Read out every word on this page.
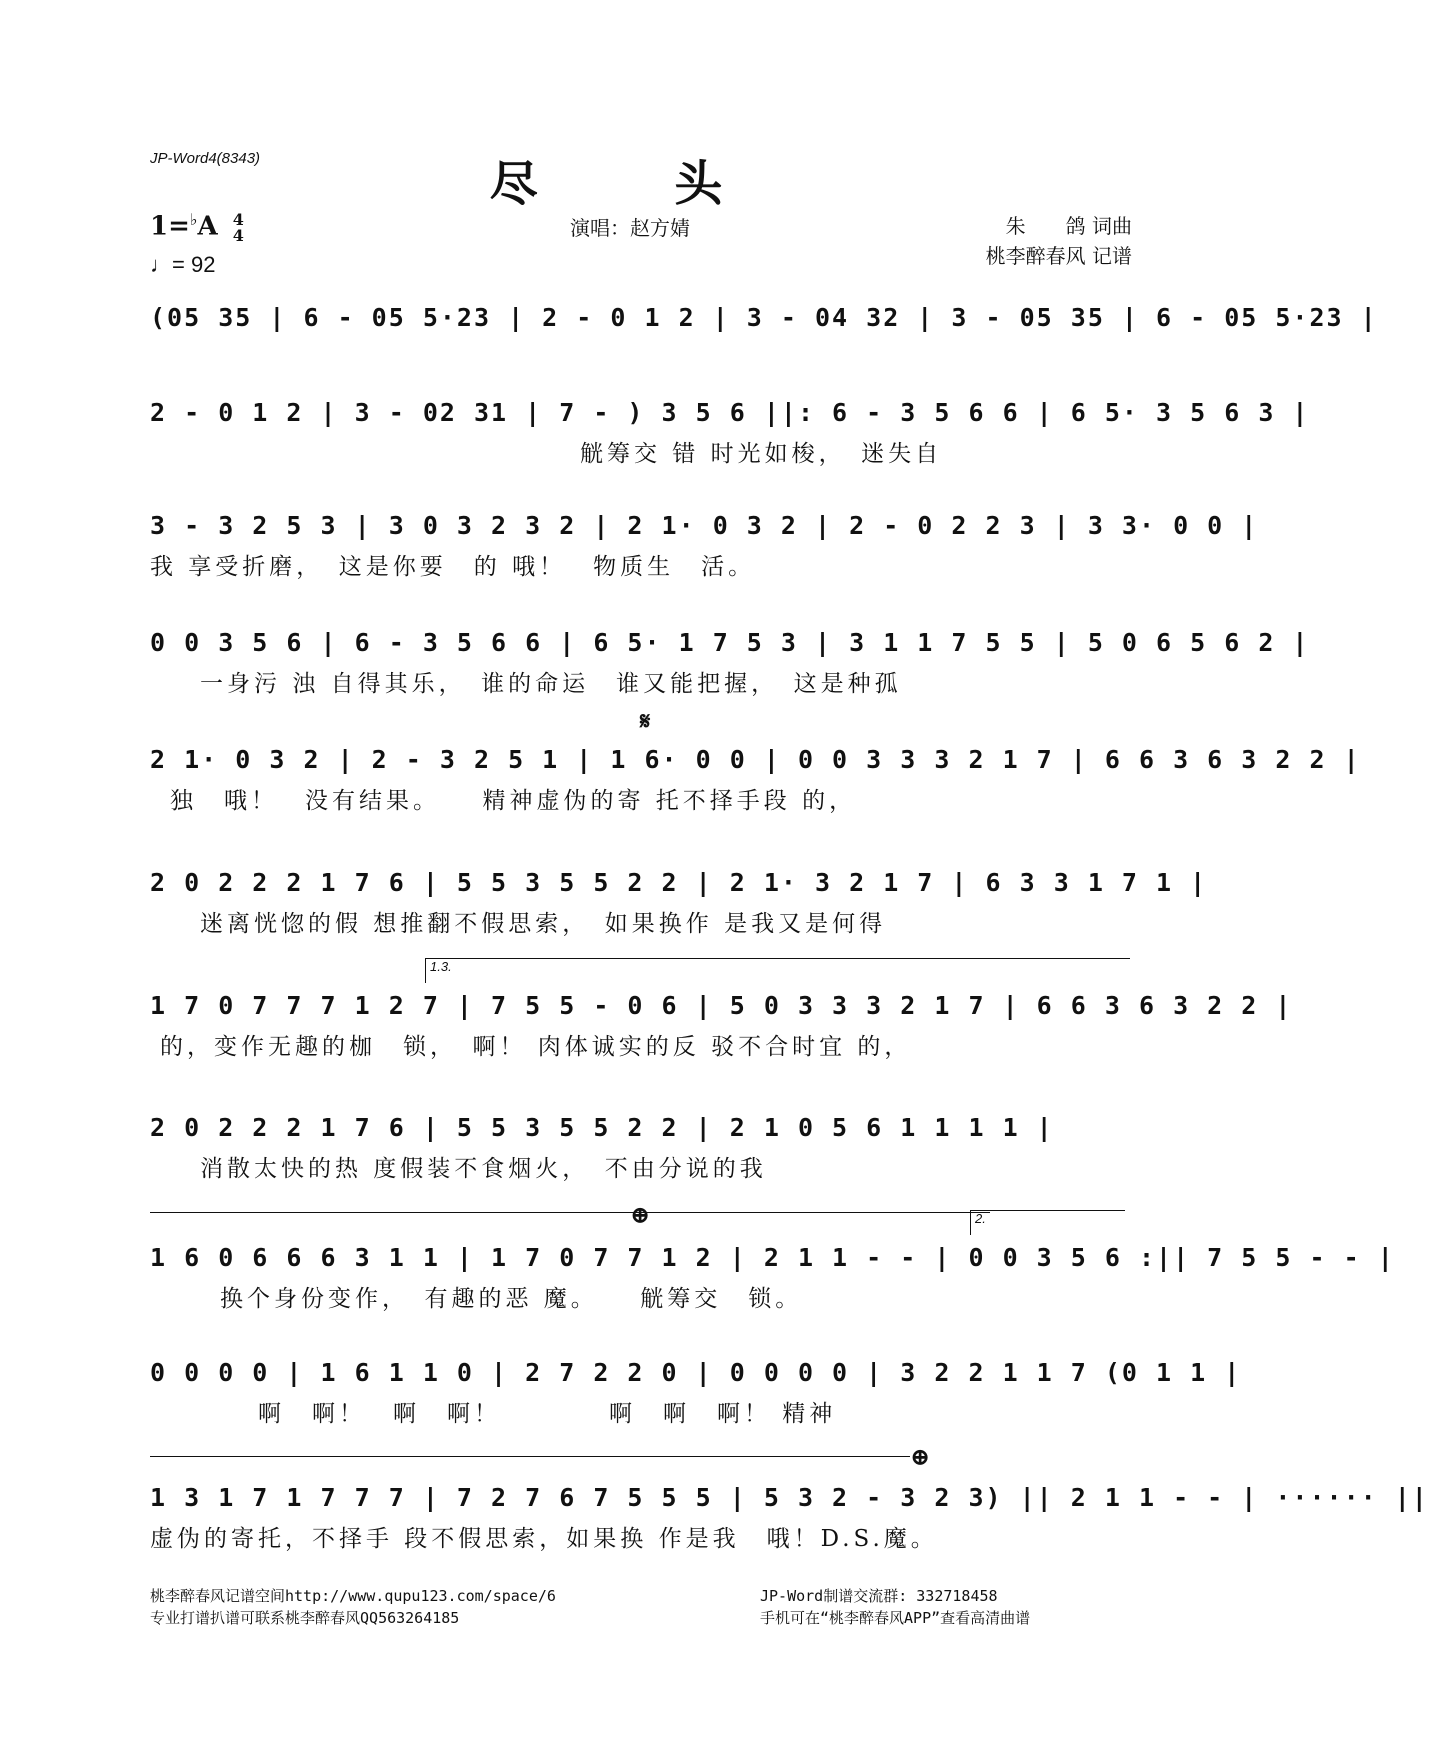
JP-Word4(8343)	尽 头
1=♭A 4
4
♩= 92
演唱：赵方婧	朱　　鸽 词曲
桃李醉春风 记谱
(05 35 | 6 - 05 5·23 | 2 - 0 1 2 | 3 - 04 32 | 3 - 05 35 | 6 - 05 5·23 |
2 - 0 1 2 | 3 - 02 31 | 7 - ) 3 5 6 ||: 6 - 3 5 6 6 | 6 5· 3 5 6 3 |
觥筹交 错 时光如梭，　迷失自
3 - 3 2 5 3 | 3 0 3 2 3 2 | 2 1· 0 3 2 | 2 - 0 2 2 3 | 3 3· 0 0 |
我 享受折磨，　这是你要　的 哦！　物质生　活。
0 0 3 5 6 | 6 - 3 5 6 6 | 6 5· 1 7 5 3 | 3 1 1 7 5 5 | 5 0 6 5 6 2 |
一身污 浊 自得其乐，　谁的命运　谁又能把握，　这是种孤
𝄋
2 1· 0 3 2 | 2 - 3 2 5 1 | 1 6· 0 0 | 0 0 3 3 3 2 1 7 | 6 6 3 6 3 2 2 |
独　哦！　没有结果。　　精神虚伪的寄 托不择手段 的，
2 0 2 2 2 1 7 6 | 5 5 3 5 5 2 2 | 2 1· 3 2 1 7 | 6 3 3 1 7 1 |
迷离恍惚的假 想推翻不假思索，　如果换作 是我又是何得
1.3.
1 7 0 7 7 7 1 2 7 | 7 5 5 - 0 6 | 5 0 3 3 3 2 1 7 | 6 6 3 6 3 2 2 |
的，变作无趣的枷　锁，　啊！ 肉体诚实的反 驳不合时宜 的，
2 0 2 2 2 1 7 6 | 5 5 3 5 5 2 2 | 2 1 0 5 6 1 1 1 1 |
消散太快的热 度假装不食烟火，　不由分说的我
⊕	2.
1 6 0 6 6 6 3 1 1 | 1 7 0 7 7 1 2 | 2 1 1 - - | 0 0 3 5 6 :|| 7 5 5 - - |
换个身份变作，　有趣的恶 魔。　　觥筹交　锁。
0 0 0 0 | 1 6 1 1 0 | 2 7 2 2 0 | 0 0 0 0 | 3 2 2 1 1 7 (0 1 1 |
　　　　啊　啊！　啊　啊！　　　　啊　啊　啊！ 精神
⊕
1 3 1 7 1 7 7 7 | 7 2 7 6 7 5 5 5 | 5 3 2 - 3 2 3) || 2 1 1 - - | ······ ||
虚伪的寄托，不择手 段不假思索，如果换 作是我　哦！D.S.魔。
桃李醉春风记谱空间http://www.qupu123.com/space/6
专业打谱扒谱可联系桃李醉春风QQ563264185
JP-Word制谱交流群: 332718458
手机可在“桃李醉春风APP”查看高清曲谱
